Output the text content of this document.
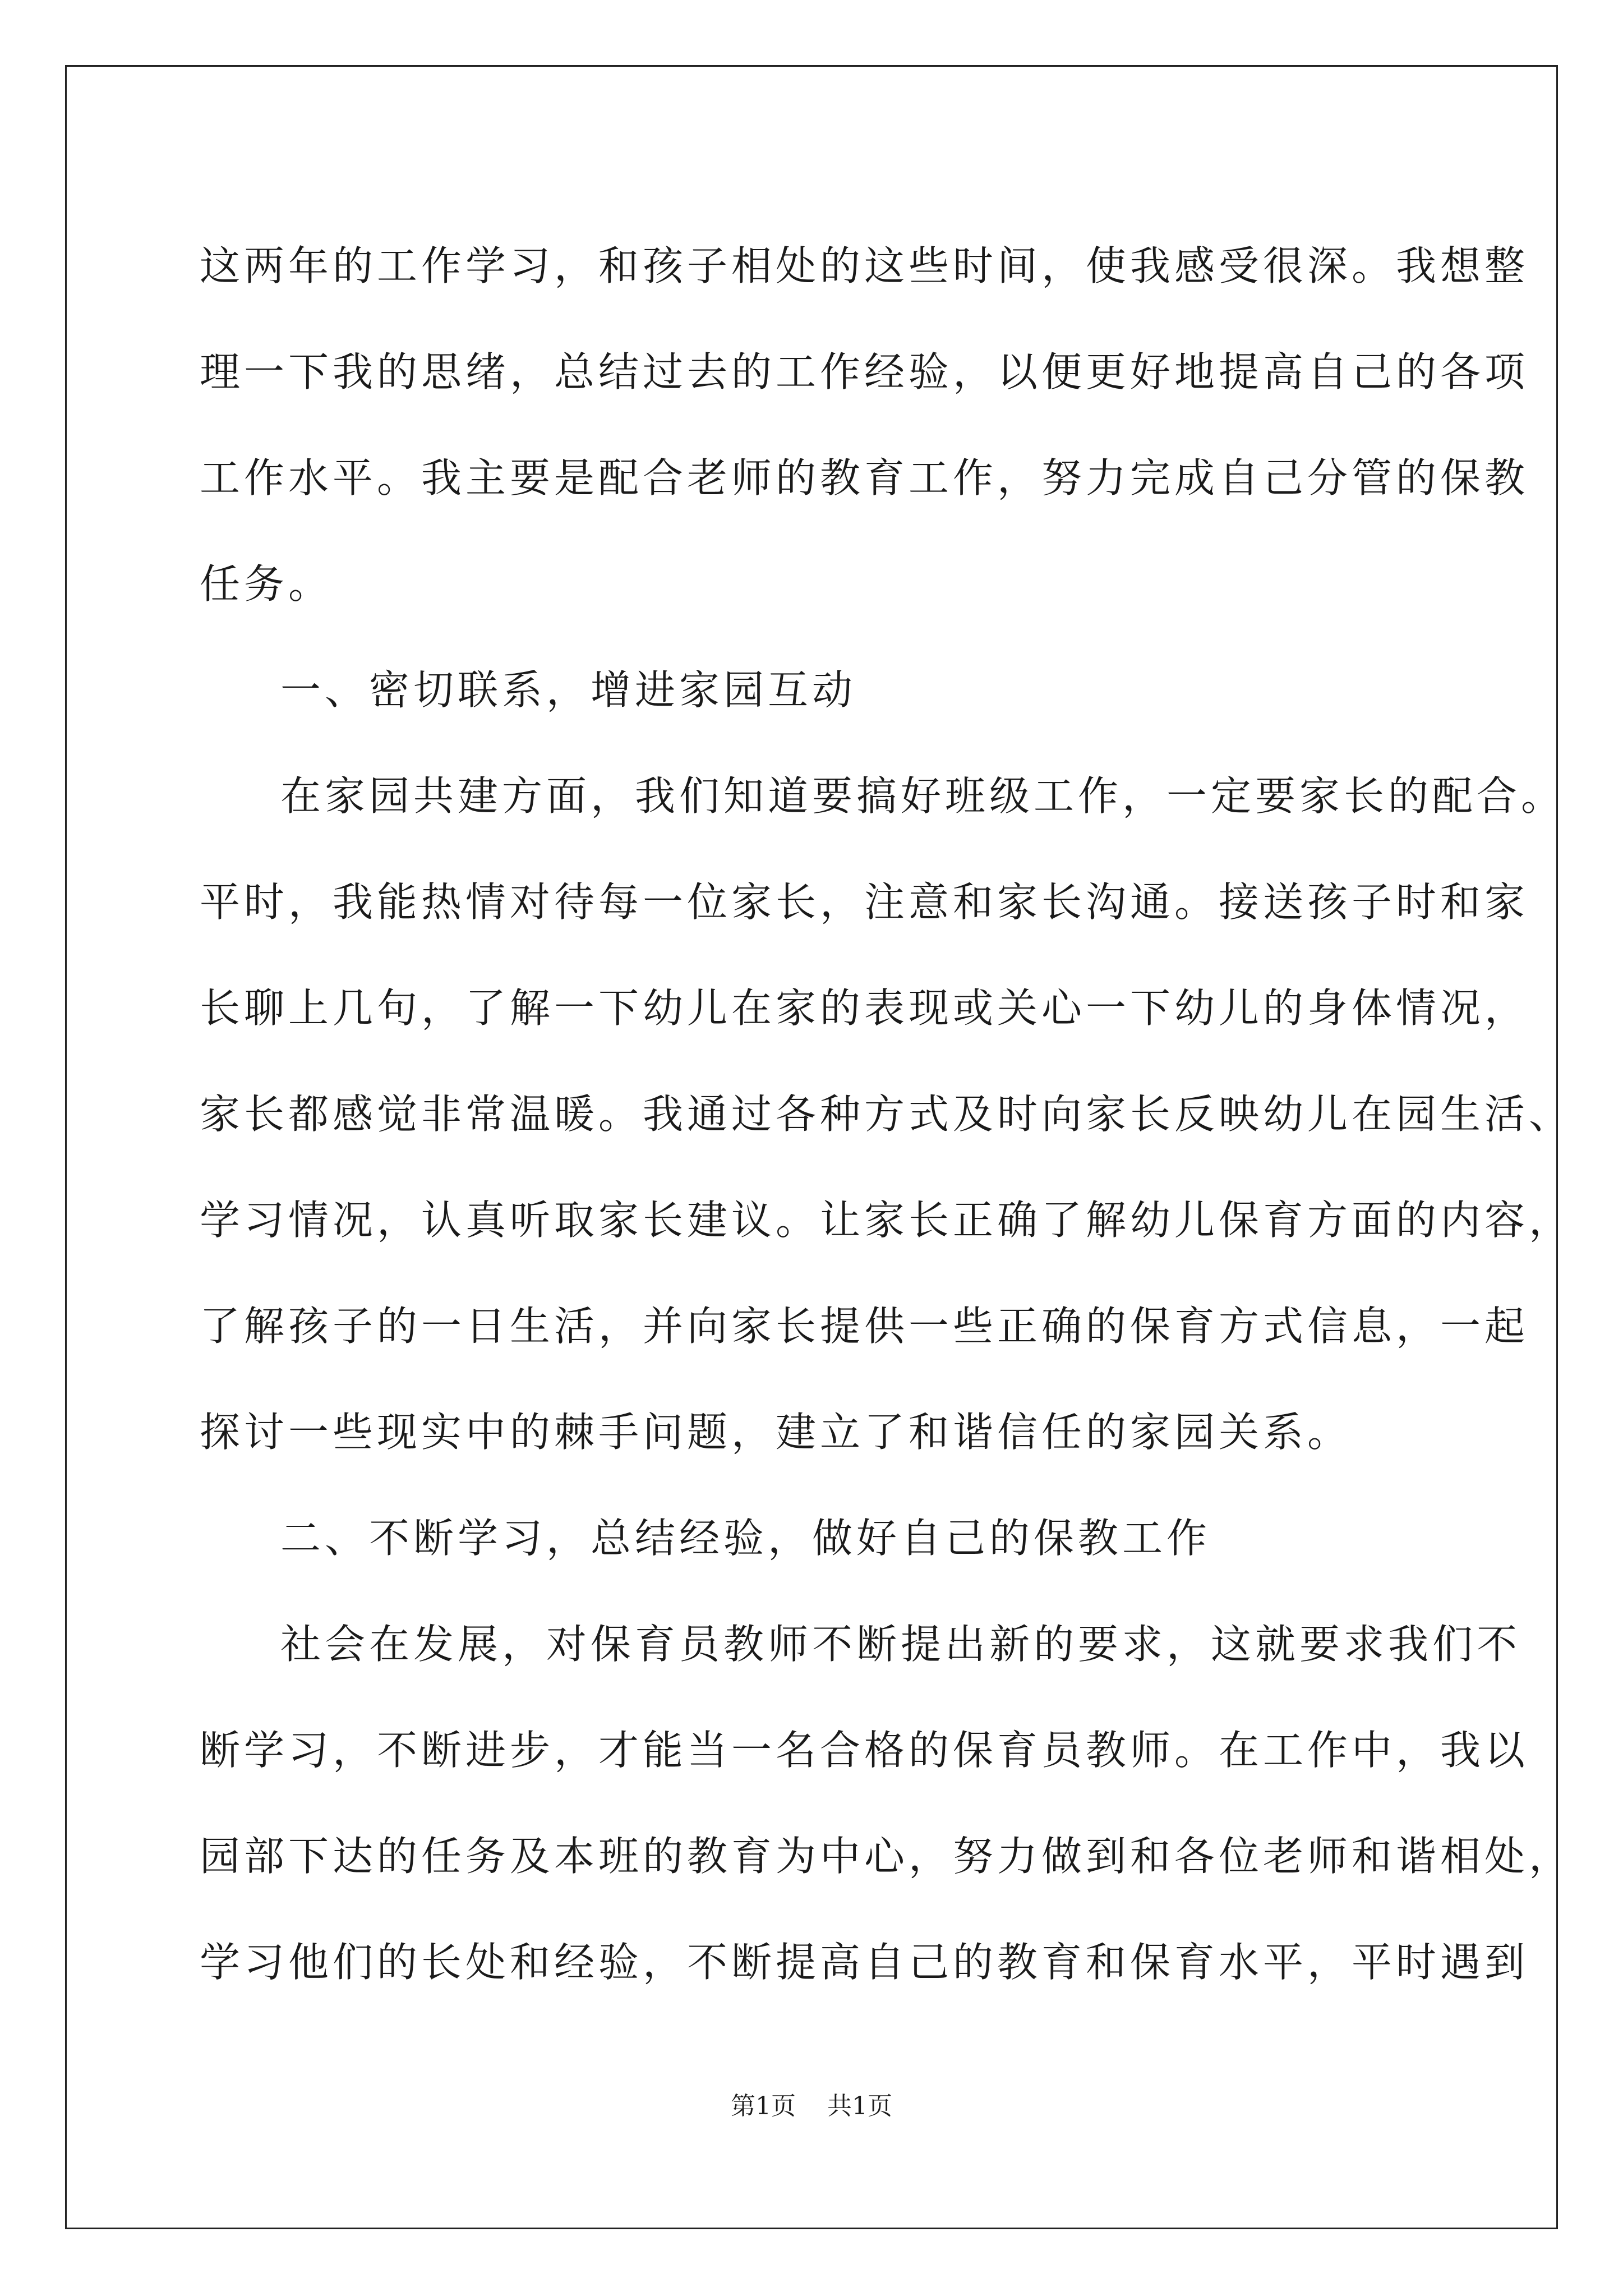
这两年的工作学习，和孩子相处的这些时间，使我感受很深。我想整
理一下我的思绪，总结过去的工作经验，以便更好地提高自己的各项
工作水平。我主要是配合老师的教育工作，努力完成自己分管的保教
任务。
一、密切联系，增进家园互动
在家园共建方面，我们知道要搞好班级工作，一定要家长的配合。
平时，我能热情对待每一位家长，注意和家长沟通。接送孩子时和家
长聊上几句，了解一下幼儿在家的表现或关心一下幼儿的身体情况，
家长都感觉非常温暖。我通过各种方式及时向家长反映幼儿在园生活、
学习情况，认真听取家长建议。让家长正确了解幼儿保育方面的内容，
了解孩子的一日生活，并向家长提供一些正确的保育方式信息，一起
探讨一些现实中的棘手问题，建立了和谐信任的家园关系。
二、不断学习，总结经验，做好自己的保教工作
社会在发展，对保育员教师不断提出新的要求，这就要求我们不
断学习，不断进步，才能当一名合格的保育员教师。在工作中，我以
园部下达的任务及本班的教育为中心，努力做到和各位老师和谐相处，
学习他们的长处和经验，不断提高自己的教育和保育水平，平时遇到
第1页 共1页
